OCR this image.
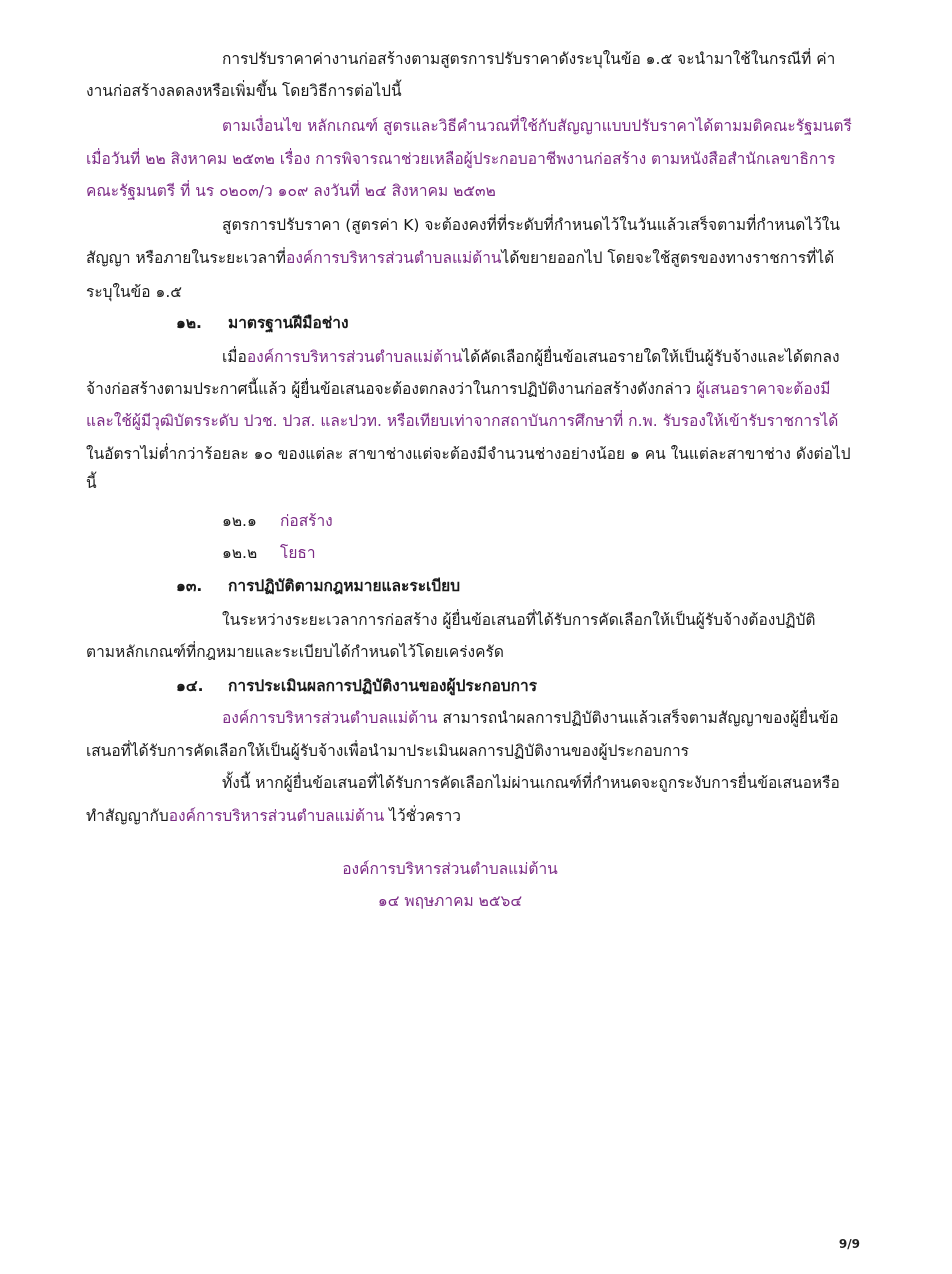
การปรับราคาค่างานก่อสร้างตามสูตรการปรับราคาดังระบุในข้อ ๑.๕ จะนำมาใช้ในกรณีที่ ค่า
งานก่อสร้างลดลงหรือเพิ่มขึ้น โดยวิธีการต่อไปนี้
ตามเงื่อนไข หลักเกณฑ์ สูตรและวิธีคำนวณที่ใช้กับสัญญาแบบปรับราคาได้ตามมติคณะรัฐมนตรี
เมื่อวันที่ ๒๒ สิงหาคม ๒๕๓๒ เรื่อง การพิจารณาช่วยเหลือผู้ประกอบอาชีพงานก่อสร้าง ตามหนังสือสำนักเลขาธิการ
คณะรัฐมนตรี ที่ นร ๐๒๐๓/ว ๑๐๙ ลงวันที่ ๒๔ สิงหาคม ๒๕๓๒
สูตรการปรับราคา (สูตรค่า K) จะต้องคงที่ที่ระดับที่กำหนดไว้ในวันแล้วเสร็จตามที่กำหนดไว้ใน
สัญญา หรือภายในระยะเวลาที่องค์การบริหารส่วนตำบลแม่ต้านได้ขยายออกไป โดยจะใช้สูตรของทางราชการที่ได้
ระบุในข้อ ๑.๕
๑๒. มาตรฐานฝีมือช่าง
เมื่อองค์การบริหารส่วนตำบลแม่ต้านได้คัดเลือกผู้ยื่นข้อเสนอรายใดให้เป็นผู้รับจ้างและได้ตกลง
จ้างก่อสร้างตามประกาศนี้แล้ว ผู้ยื่นข้อเสนอจะต้องตกลงว่าในการปฏิบัติงานก่อสร้างดังกล่าว ผู้เสนอราคาจะต้องมี
และใช้ผู้มีวุฒิบัตรระดับ ปวช. ปวส. และปวท. หรือเทียบเท่าจากสถาบันการศึกษาที่ ก.พ. รับรองให้เข้ารับราชการได้
ในอัตราไม่ต่ำกว่าร้อยละ ๑๐ ของแต่ละ สาขาช่างแต่จะต้องมีจำนวนช่างอย่างน้อย ๑ คน ในแต่ละสาขาช่าง ดังต่อไป
นี้
๑๒.๑ ก่อสร้าง
๑๒.๒ โยธา
๑๓. การปฏิบัติตามกฎหมายและระเบียบ
ในระหว่างระยะเวลาการก่อสร้าง ผู้ยื่นข้อเสนอที่ได้รับการคัดเลือกให้เป็นผู้รับจ้างต้องปฏิบัติ
ตามหลักเกณฑ์ที่กฎหมายและระเบียบได้กำหนดไว้โดยเคร่งครัด
๑๔. การประเมินผลการปฏิบัติงานของผู้ประกอบการ
องค์การบริหารส่วนตำบลแม่ต้าน สามารถนำผลการปฏิบัติงานแล้วเสร็จตามสัญญาของผู้ยื่นข้อ
เสนอที่ได้รับการคัดเลือกให้เป็นผู้รับจ้างเพื่อนำมาประเมินผลการปฏิบัติงานของผู้ประกอบการ
ทั้งนี้ หากผู้ยื่นข้อเสนอที่ได้รับการคัดเลือกไม่ผ่านเกณฑ์ที่กำหนดจะถูกระงับการยื่นข้อเสนอหรือ
ทำสัญญากับองค์การบริหารส่วนตำบลแม่ต้าน ไว้ชั่วคราว
องค์การบริหารส่วนตำบลแม่ต้าน
๑๔ พฤษภาคม ๒๕๖๔
9/9
